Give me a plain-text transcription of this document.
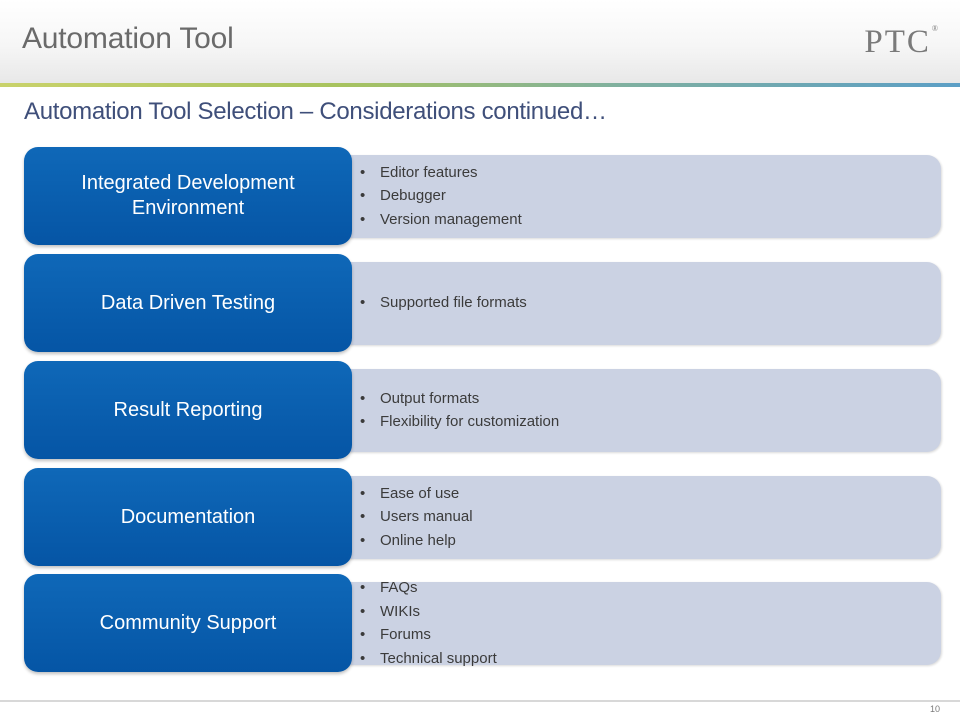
Automation Tool	PTC®
Automation Tool Selection – Considerations continued…
Integrated Development Environment
• Editor features
• Debugger
• Version management
Data Driven Testing
•	Supported file formats
Result Reporting
• Output formats
• Flexibility for customization
Documentation
• Ease of use
• Users manual
• Online help
Community Support
• FAQs
• WIKIs
• Forums
• Technical support
10
